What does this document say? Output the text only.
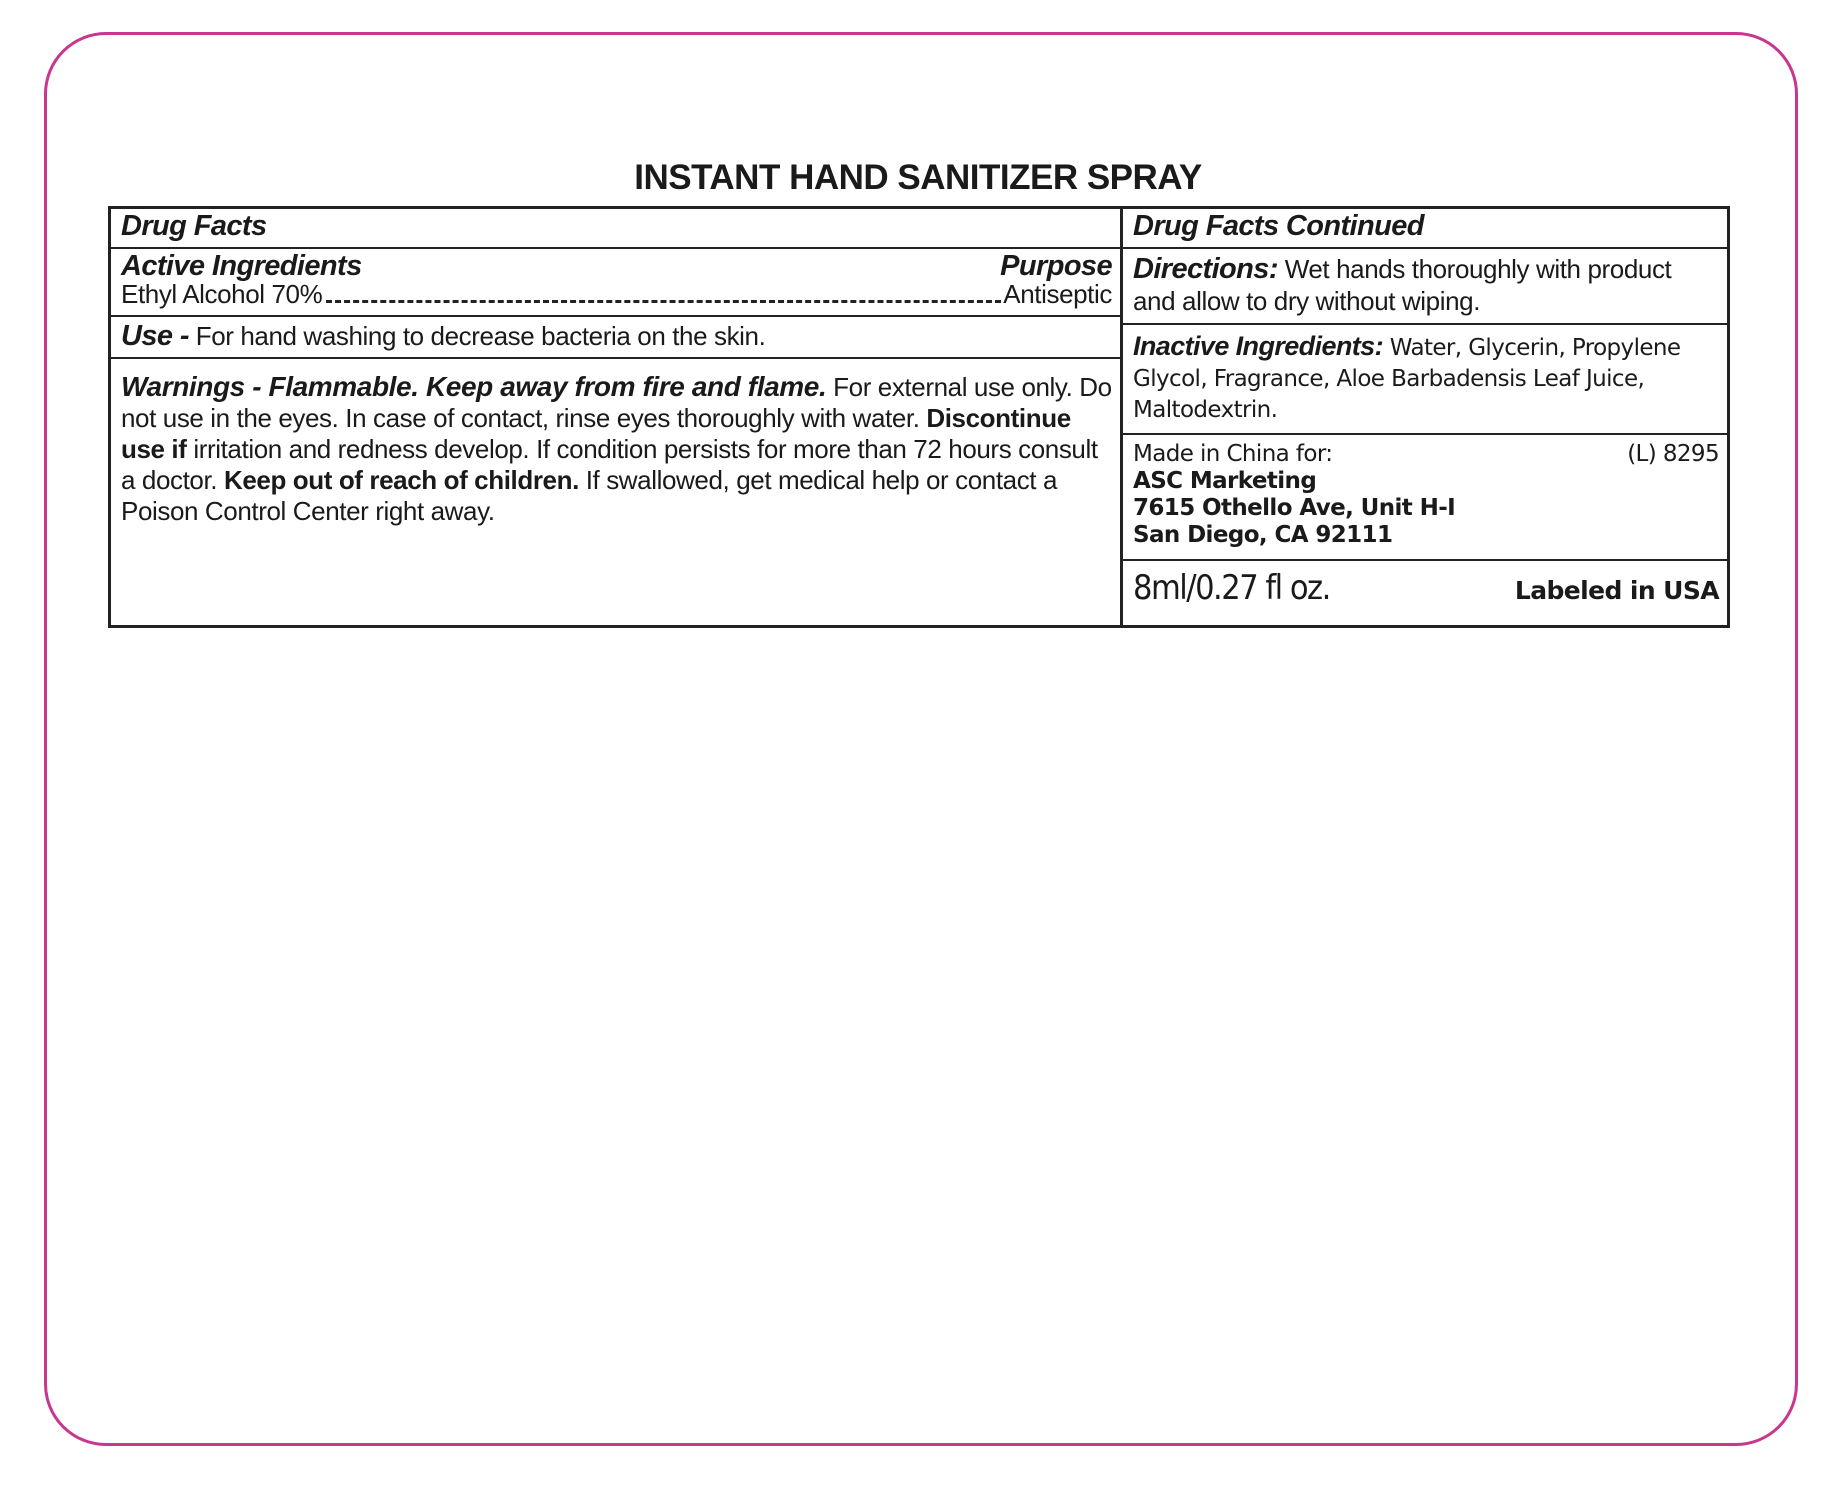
INSTANT HAND SANITIZER SPRAY
Drug Facts
Active Ingredients	Purpose
Ethyl Alcohol 70%	Antiseptic
Use - For hand washing to decrease bacteria on the skin.
Warnings - Flammable. Keep away from fire and flame. For external use only. Do not use in the eyes. In case of contact, rinse eyes thoroughly with water. Discontinue use if irritation and redness develop. If condition persists for more than 72 hours consult a doctor. Keep out of reach of children. If swallowed, get medical help or contact a Poison Control Center right away.
Drug Facts Continued
Directions: Wet hands thoroughly with product and allow to dry without wiping.
Inactive Ingredients: Water, Glycerin, Propylene Glycol, Fragrance, Aloe Barbadensis Leaf Juice, Maltodextrin.
Made in China for:	(L) 8295
ASC Marketing
7615 Othello Ave, Unit H-I
San Diego, CA 92111
8ml/0.27 fl oz.	Labeled in USA
